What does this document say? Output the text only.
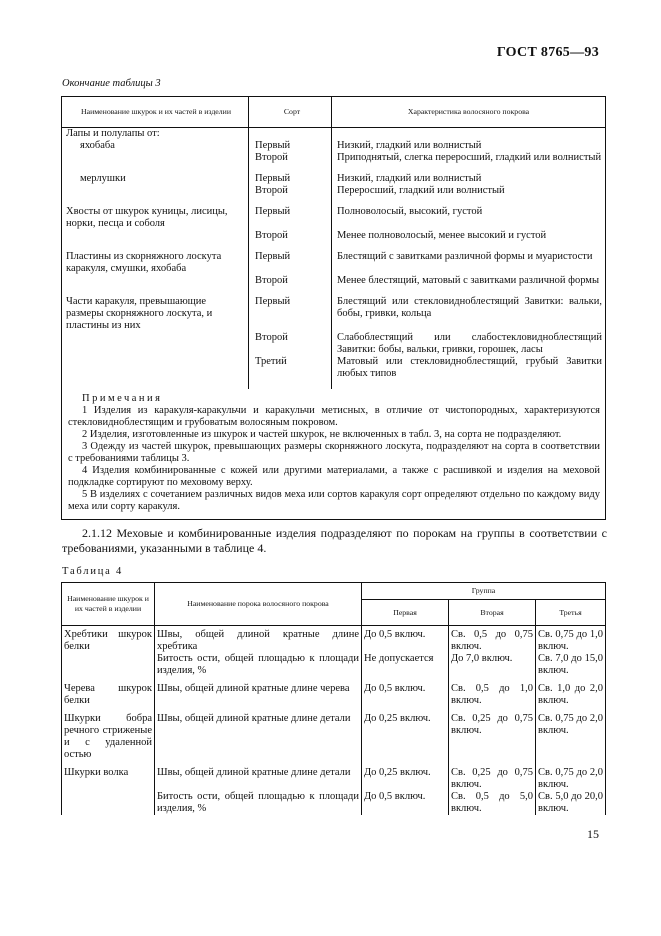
ГОСТ 8765—93
Окончание таблицы 3
Наименование шкурок и их частей в изделии	Сорт	Характеристика волосяного покрова
Лапы и полулапы от:		

яхобаба	Первый	Низкий, гладкий или волнистый
	Второй	Приподнятый, слегка переросший, гладкий или волнистый

мерлушки	Первый	Низкий, гладкий или волнистый
	Второй	Переросший, гладкий или волнистый

Хвосты от шкурок куницы, лисицы, норки, песца и соболя	Первый	Полноволосый, высокий, густой
	Второй	Менее полноволосый, менее высокий и густой

Пластины из скорняжного лоскута каракуля, смушки, яхобаба	Первый	Блестящий с завитками различной формы и муаристости
	Второй	Менее блестящий, матовый с завитками различной формы

Части каракуля, превышающие размеры скорняжного лоскута, и пластины из них	Первый	Блестящий или стекловидноблестящий Завитки: вальки, бобы, гривки, кольца
	Второй	Слабоблестящий или слабостекловидноблестящий Завитки: бобы, вальки, гривки, горошек, ласы
	Третий	Матовый или стекловидноблестящий, грубый Завитки любых типов

Примечания

1 Изделия из каракуля-каракульчи и каракульчи метисных, в отличие от чистопородных, характеризуются стекловидноблестящим и грубоватым волосяным покровом.

2 Изделия, изготовленные из шкурок и частей шкурок, не включенных в табл. 3, на сорта не подразделяют.

3 Одежду из частей шкурок, превышающих размеры скорняжного лоскута, подразделяют на сорта в соответствии с требованиями таблицы 3.

4 Изделия комбинированные с кожей или другими материалами, а также с расшивкой и изделия на меховой подкладке сортируют по меховому верху.

5 В изделиях с сочетанием различных видов меха или сортов каракуля сорт определяют отдельно по каждому виду меха или сорту каракуля.

2.1.12 Меховые и комбинированные изделия подразделяют по порокам на группы в соответствии с требованиями, указанными в таблице 4.
Таблица 4
Наименование шкурок и их частей в изделии	Наименование порока волосяного покрова	Группа		
		Первая	Вторая	Третья
Хребтики шкурок белки	Швы, общей длиной кратные длине хребтика	До 0,5 включ.	Св. 0,5 до 0,75 включ.	Св. 0,75 до 1,0 включ.
	Битость ости, общей площадью к площади изделия, %	Не допускается	До 7,0 включ.	Св. 7,0 до 15,0 включ.
Черева шкурок белки	Швы, общей длиной кратные длине черева	До 0,5 включ.	Св. 0,5 до 1,0 включ.	Св. 1,0 до 2,0 включ.
Шкурки бобра речного стриженые и с удаленной остью	Швы, общей длиной кратные длине детали	До 0,25 включ.	Св. 0,25 до 0,75 включ.	Св. 0,75 до 2,0 включ.
Шкурки волка	Швы, общей длиной кратные длине детали	До 0,25 включ.	Св. 0,25 до 0,75 включ.	Св. 0,75 до 2,0 включ.
	Битость ости, общей площадью к площади изделия, %	До 0,5 включ.	Св. 0,5 до 5,0 включ.	Св. 5,0 до 20,0 включ.
15
